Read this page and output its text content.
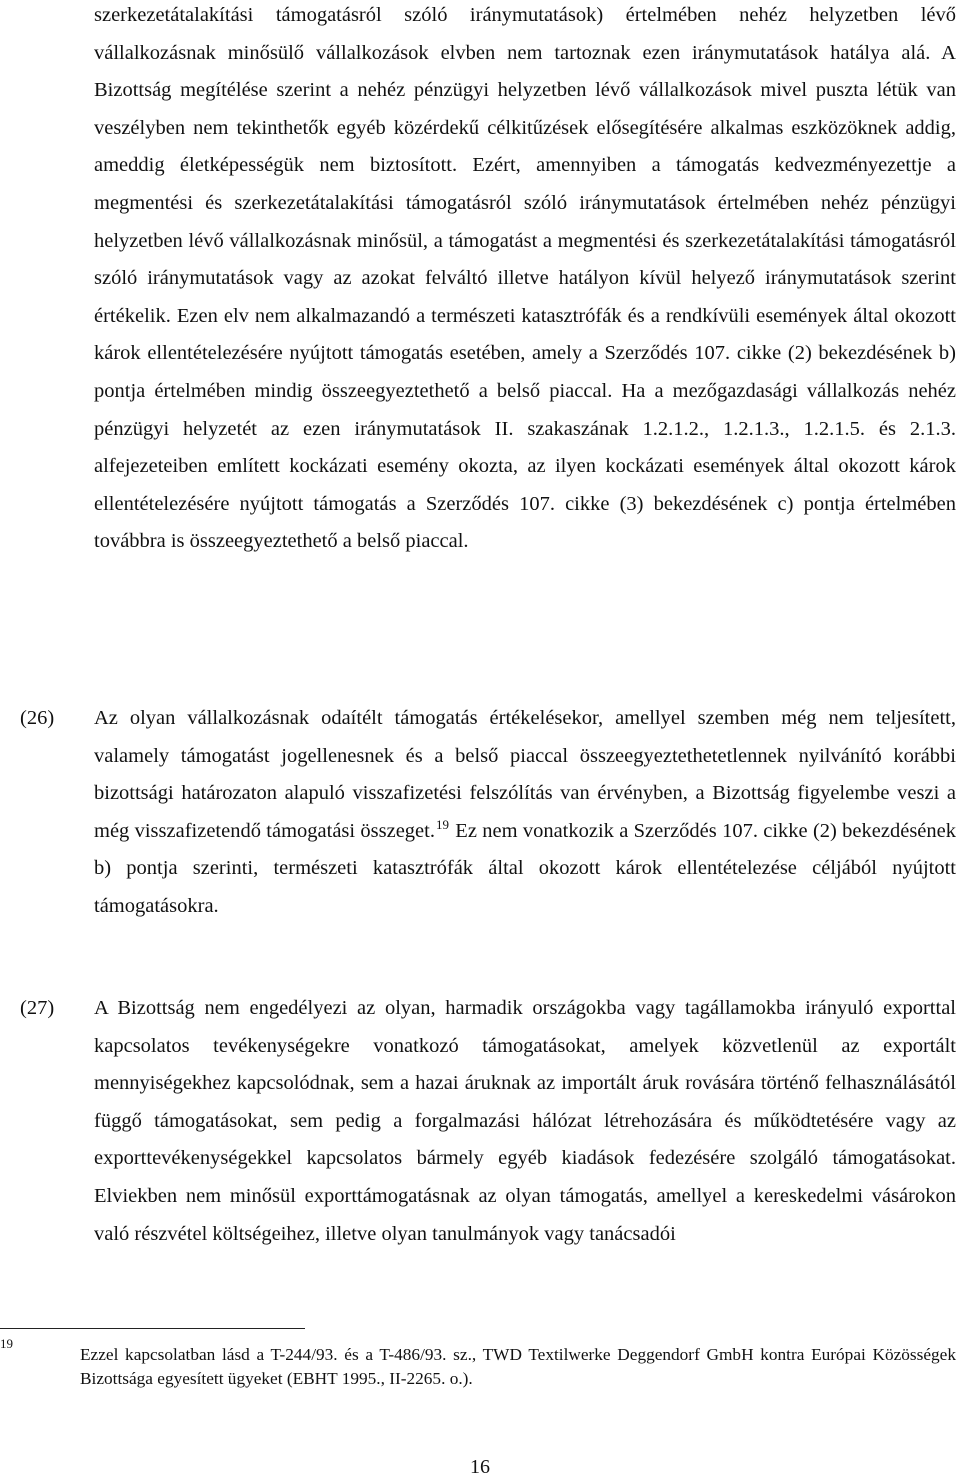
szerkezetátalakítási támogatásról szóló iránymutatások) értelmében nehéz helyzetben lévő vállalkozásnak minősülő vállalkozások elvben nem tartoznak ezen iránymutatások hatálya alá. A Bizottság megítélése szerint a nehéz pénzügyi helyzetben lévő vállalkozások mivel puszta létük van veszélyben nem tekinthetők egyéb közérdekű célkitűzések elősegítésére alkalmas eszközöknek addig, ameddig életképességük nem biztosított. Ezért, amennyiben a támogatás kedvezményezettje a megmentési és szerkezetátalakítási támogatásról szóló iránymutatások értelmében nehéz pénzügyi helyzetben lévő vállalkozásnak minősül, a támogatást a megmentési és szerkezetátalakítási támogatásról szóló iránymutatások vagy az azokat felváltó illetve hatályon kívül helyező iránymutatások szerint értékelik. Ezen elv nem alkalmazandó a természeti katasztrófák és a rendkívüli események által okozott károk ellentételezésére nyújtott támogatás esetében, amely a Szerződés 107. cikke (2) bekezdésének b) pontja értelmében mindig összeegyeztethető a belső piaccal. Ha a mezőgazdasági vállalkozás nehéz pénzügyi helyzetét az ezen iránymutatások II. szakaszának 1.2.1.2., 1.2.1.3., 1.2.1.5. és 2.1.3. alfejezeteiben említett kockázati esemény okozta, az ilyen kockázati események által okozott károk ellentételezésére nyújtott támogatás a Szerződés 107. cikke (3) bekezdésének c) pontja értelmében továbbra is összeegyeztethető a belső piaccal.

(26) Az olyan vállalkozásnak odaítélt támogatás értékelésekor, amellyel szemben még nem teljesített, valamely támogatást jogellenesnek és a belső piaccal összeegyeztethetetlennek nyilvánító korábbi bizottsági határozaton alapuló visszafizetési felszólítás van érvényben, a Bizottság figyelembe veszi a még visszafizetendő támogatási összeget.$^{19}$ Ez nem vonatkozik a Szerződés 107. cikke (2) bekezdésének b) pontja szerinti, természeti katasztrófák által okozott károk ellentételezése céljából nyújtott támogatásokra.

(27) A Bizottság nem engedélyezi az olyan, harmadik országokba vagy tagállamokba irányuló exporttal kapcsolatos tevékenységekre vonatkozó támogatásokat, amelyek közvetlenül az exportált mennyiségekhez kapcsolódnak, sem a hazai áruknak az importált áruk rovására történő felhasználásától függő támogatásokat, sem pedig a forgalmazási hálózat létrehozására és működtetésére vagy az exporttevékenységekkel kapcsolatos bármely egyéb kiadások fedezésére szolgáló támogatásokat. Elviekben nem minősül exporttámogatásnak az olyan támogatás, amellyel a kereskedelmi vásárokon való részvétel költségeihez, illetve olyan tanulmányok vagy tanácsadói

19

Ezzel kapcsolatban lásd a T-244/93. és a T-486/93. sz., TWD Textilwerke Deggendorf GmbH kontra Európai Közösségek Bizottsága egyesített ügyeket (EBHT 1995., II-2265. o.).

16
